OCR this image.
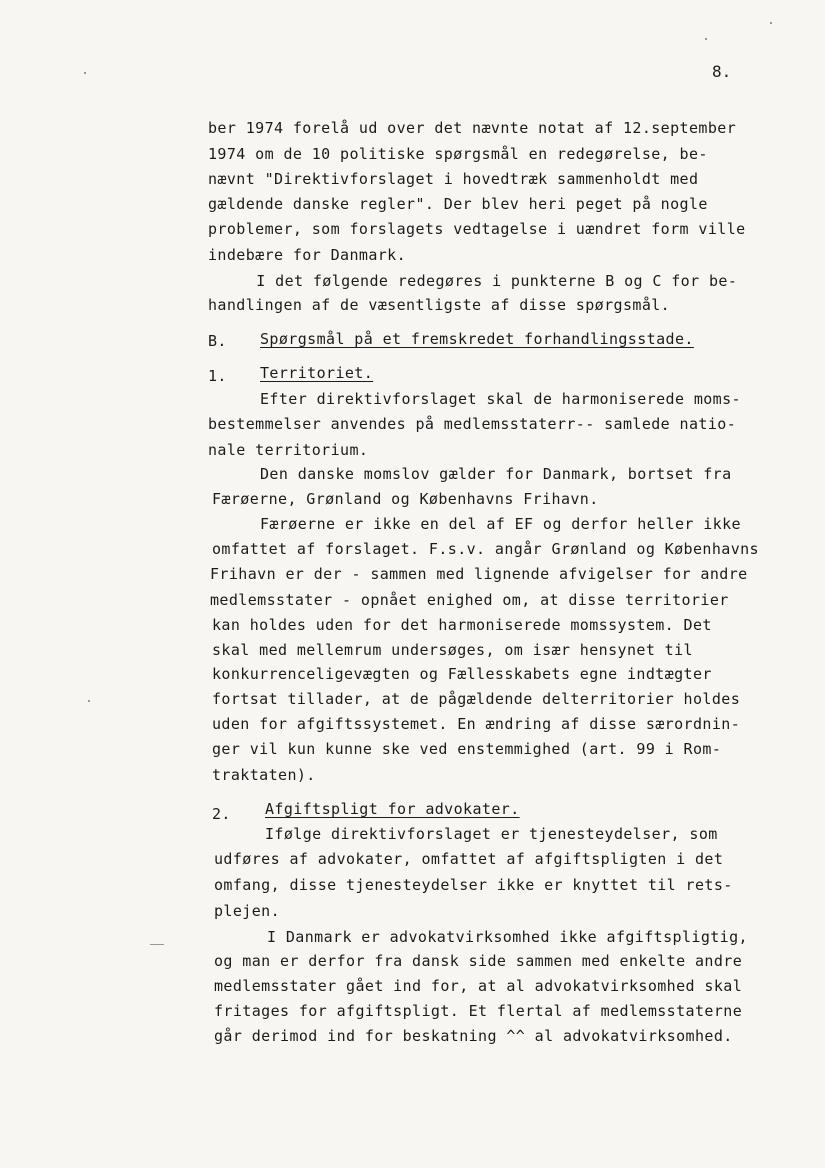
8.
ber 1974 forelå ud over det nævnte notat af 12.september
1974 om de 10 politiske spørgsmål en redegørelse, be-
nævnt "Direktivforslaget i hovedtræk sammenholdt med
gældende danske regler". Der blev heri peget på nogle
problemer, som forslagets vedtagelse i uændret form ville
indebære for Danmark.
I det følgende redegøres i punkterne B og C for be-
handlingen af de væsentligste af disse spørgsmål.
B. Spørgsmål på et fremskredet forhandlingsstade.
1. Territoriet.
Efter direktivforslaget skal de harmoniserede moms-
bestemmelser anvendes på medlemsstaterr-- samlede natio-
nale territorium.
Den danske momslov gælder for Danmark, bortset fra
Færøerne, Grønland og Københavns Frihavn.
Færøerne er ikke en del af EF og derfor heller ikke
omfattet af forslaget. F.s.v. angår Grønland og Københavns
Frihavn er der - sammen med lignende afvigelser for andre
medlemsstater - opnået enighed om, at disse territorier
kan holdes uden for det harmoniserede momssystem. Det
skal med mellemrum undersøges, om især hensynet til
konkurrenceligevægten og Fællesskabets egne indtægter
fortsat tillader, at de pågældende delterritorier holdes
uden for afgiftssystemet. En ændring af disse særordnin-
ger vil kun kunne ske ved enstemmighed (art. 99 i Rom-
traktaten).
2. Afgiftspligt for advokater.
Ifølge direktivforslaget er tjenesteydelser, som
udføres af advokater, omfattet af afgiftspligten i det
omfang, disse tjenesteydelser ikke er knyttet til rets-
plejen.
I Danmark er advokatvirksomhed ikke afgiftspligtig,
og man er derfor fra dansk side sammen med enkelte andre
medlemsstater gået ind for, at al advokatvirksomhed skal
fritages for afgiftspligt. Et flertal af medlemsstaterne
går derimod ind for beskatning ^^ al advokatvirksomhed.
